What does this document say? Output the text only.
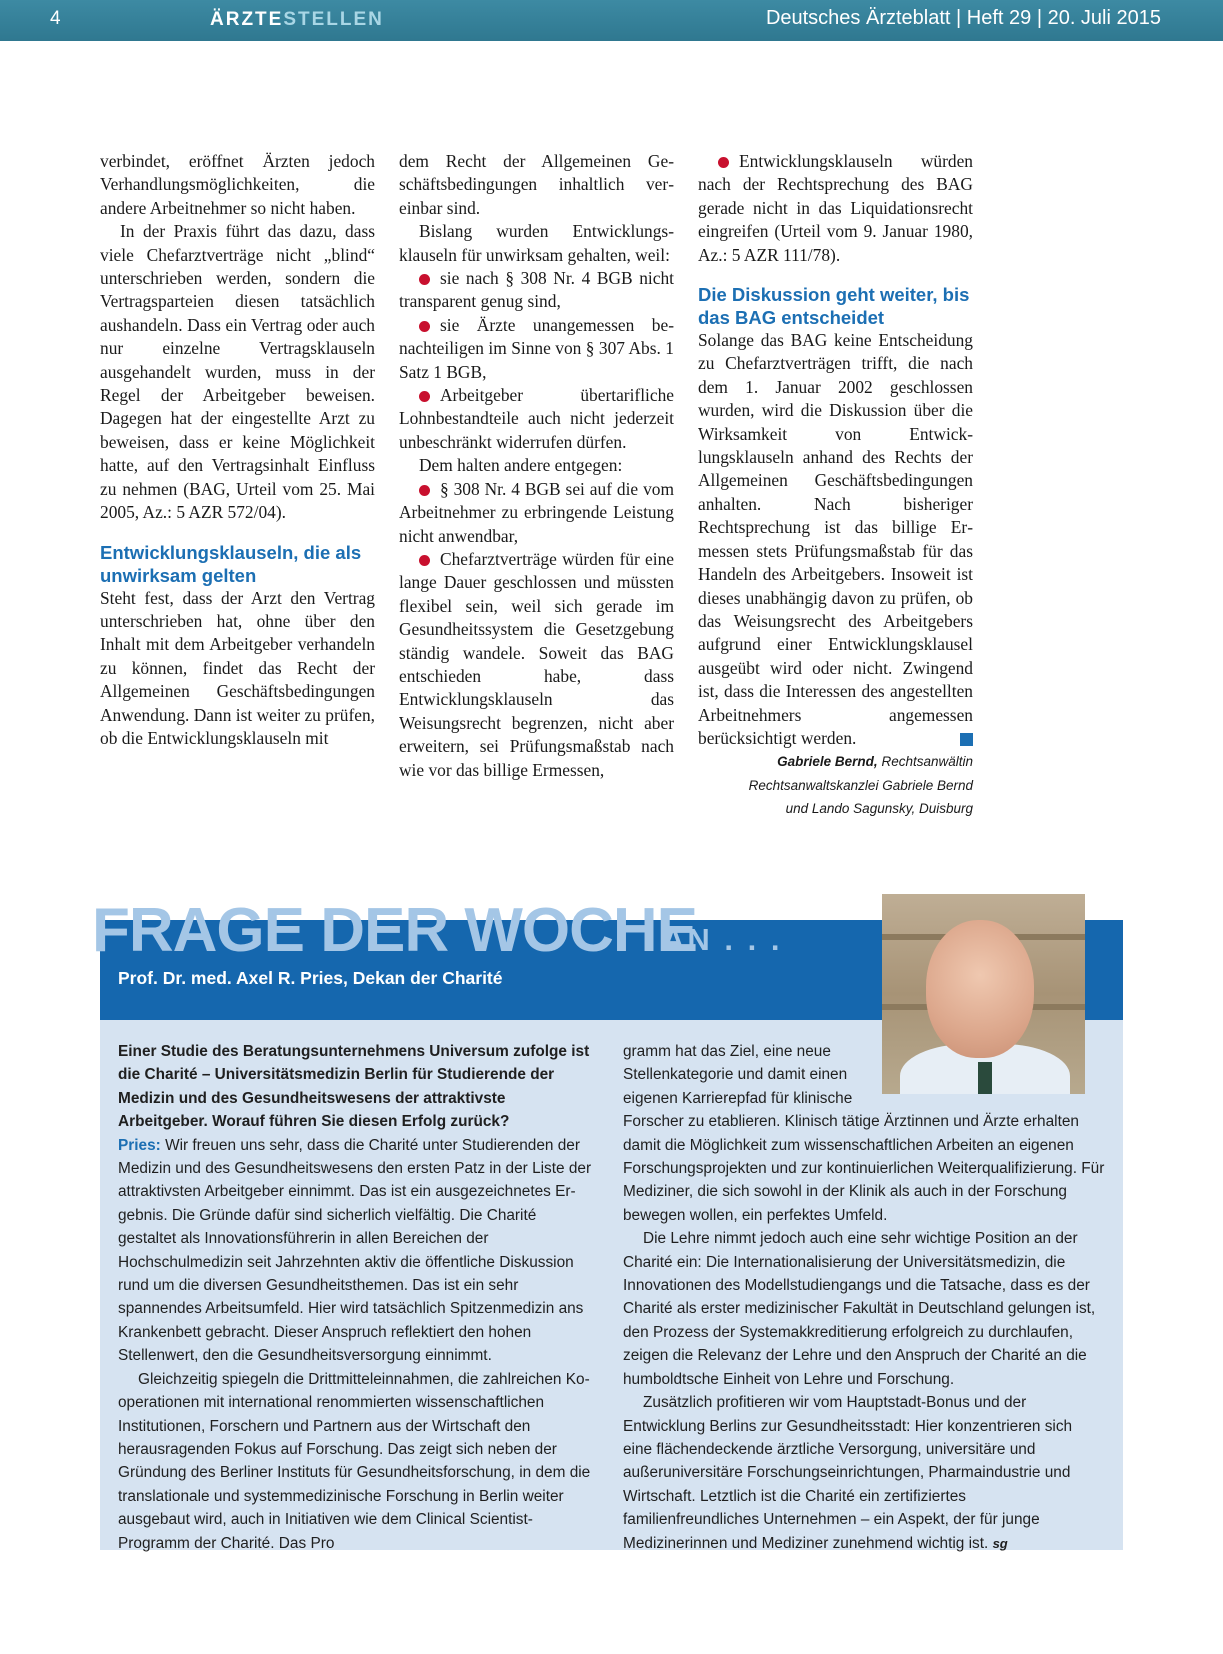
4	ÄRZTESTELLEN	Deutsches Ärzteblatt | Heft 29 | 20. Juli 2015

verbindet, eröffnet Ärzten jedoch Verhandlungsmöglichkeiten, die andere Arbeitnehmer so nicht haben.

In der Praxis führt das dazu, dass viele Chefarztverträge nicht „blind“ unterschrieben werden, sondern die Vertragsparteien diesen tatsächlich aushandeln. Dass ein Vertrag oder auch nur einzelne Vertragsklauseln ausgehandelt wurden, muss in der Regel der Arbeitgeber beweisen. Dagegen hat der eingestellte Arzt zu beweisen, dass er keine Möglichkeit hatte, auf den Vertragsinhalt Einfluss zu nehmen (BAG, Urteil vom 25. Mai 2005, Az.: 5 AZR 572/04).

Entwicklungsklauseln, die als unwirksam gelten

Steht fest, dass der Arzt den Vertrag unterschrieben hat, ohne über den Inhalt mit dem Arbeitgeber verhandeln zu können, findet das Recht der Allgemeinen Geschäftsbedingungen Anwendung. Dann ist weiter zu prüfen, ob die Entwicklungsklauseln mit

dem Recht der Allgemeinen Geschäftsbedingungen inhaltlich vereinbar sind.

Bislang wurden Entwicklungsklauseln für unwirksam gehalten, weil:

sie nach § 308 Nr. 4 BGB nicht transparent genug sind,

sie Ärzte unangemessen benachteiligen im Sinne von § 307 Abs. 1 Satz 1 BGB,

Arbeitgeber übertarifliche Lohnbestandteile auch nicht jederzeit unbeschränkt widerrufen dürfen.

Dem halten andere entgegen:

§ 308 Nr. 4 BGB sei auf die vom Arbeitnehmer zu erbringende Leistung nicht anwendbar,

Chefarztverträge würden für eine lange Dauer geschlossen und müssten flexibel sein, weil sich gerade im Gesundheitssystem die Gesetzgebung ständig wandele. Soweit das BAG entschieden habe, dass Entwicklungsklauseln das Weisungsrecht begrenzen, nicht aber erweitern, sei Prüfungsmaßstab nach wie vor das billige Ermessen,

Entwicklungsklauseln würden nach der Rechtsprechung des BAG gerade nicht in das Liquidationsrecht eingreifen (Urteil vom 9. Januar 1980, Az.: 5 AZR 111/78).

Die Diskussion geht weiter, bis das BAG entscheidet

Solange das BAG keine Entscheidung zu Chefarztverträgen trifft, die nach dem 1. Januar 2002 geschlossen wurden, wird die Diskussion über die Wirksamkeit von Entwicklungsklauseln anhand des Rechts der Allgemeinen Geschäftsbedingungen anhalten. Nach bisheriger Rechtsprechung ist das billige Ermessen stets Prüfungsmaßstab für das Handeln des Arbeitgebers. Insoweit ist dieses unabhängig davon zu prüfen, ob das Weisungsrecht des Arbeitgebers aufgrund einer Entwicklungsklausel ausgeübt wird oder nicht. Zwingend ist, dass die Interessen des angestellten Arbeitnehmers angemessen berücksichtigt werden.

Gabriele Bernd, Rechtsanwältin
Rechtsanwaltskanzlei Gabriele Bernd
und Lando Sagunsky, Duisburg
FRAGE DER WOCHE
AN . . .
Prof. Dr. med. Axel R. Pries, Dekan der Charité

Einer Studie des Beratungsunternehmens Universum zufolge ist die Charité – Universitätsmedizin Berlin für Studierende der Medizin und des Gesundheitswesens der attraktivste Arbeitgeber. Worauf führen Sie diesen Erfolg zurück?

Pries: Wir freuen uns sehr, dass die Charité unter Studierenden der Medizin und des Gesundheitswesens den ersten Patz in der Liste der attraktivsten Arbeitgeber einnimmt. Das ist ein ausgezeichnetes Ergebnis. Die Gründe dafür sind sicherlich vielfältig. Die Charité gestaltet als Innovationsführerin in allen Bereichen der Hochschulmedizin seit Jahrzehnten aktiv die öffentliche Diskussion rund um die diversen Gesundheitsthemen. Das ist ein sehr spannendes Arbeitsumfeld. Hier wird tatsächlich Spitzenmedizin ans Krankenbett gebracht. Dieser Anspruch reflektiert den hohen Stellenwert, den die Gesundheitsversorgung einnimmt.

Gleichzeitig spiegeln die Drittmitteleinnahmen, die zahlreichen Kooperationen mit international renommierten wissenschaftlichen Institutionen, Forschern und Partnern aus der Wirtschaft den herausragenden Fokus auf Forschung. Das zeigt sich neben der Gründung des Berliner Instituts für Gesundheitsforschung, in dem die translationale und systemmedizinische Forschung in Berlin weiter ausgebaut wird, auch in Initiativen wie dem Clinical Scientist-Programm der Charité. Das Pro

gramm hat das Ziel, eine neue Stellenkategorie und damit einen eigenen Karrierepfad für klinische

Forscher zu etablieren. Klinisch tätige Ärztinnen und Ärzte erhalten damit die Möglichkeit zum wissenschaftlichen Arbeiten an eigenen Forschungsprojekten und zur kontinuierlichen Weiterqualifizierung. Für Mediziner, die sich sowohl in der Klinik als auch in der Forschung bewegen wollen, ein perfektes Umfeld.

Die Lehre nimmt jedoch auch eine sehr wichtige Position an der Charité ein: Die Internationalisierung der Universitätsmedizin, die Innovationen des Modellstudiengangs und die Tatsache, dass es der Charité als erster medizinischer Fakultät in Deutschland gelungen ist, den Prozess der Systemakkreditierung erfolgreich zu durchlaufen, zeigen die Relevanz der Lehre und den Anspruch der Charité an die humboldtsche Einheit von Lehre und Forschung.

Zusätzlich profitieren wir vom Hauptstadt-Bonus und der Entwicklung Berlins zur Gesundheitsstadt: Hier konzentrieren sich eine flächendeckende ärztliche Versorgung, universitäre und außeruniversitäre Forschungseinrichtungen, Pharmaindustrie und Wirtschaft. Letztlich ist die Charité ein zertifiziertes familienfreundliches Unternehmen – ein Aspekt, der für junge Medizinerinnen und Mediziner zunehmend wichtig ist. sg
